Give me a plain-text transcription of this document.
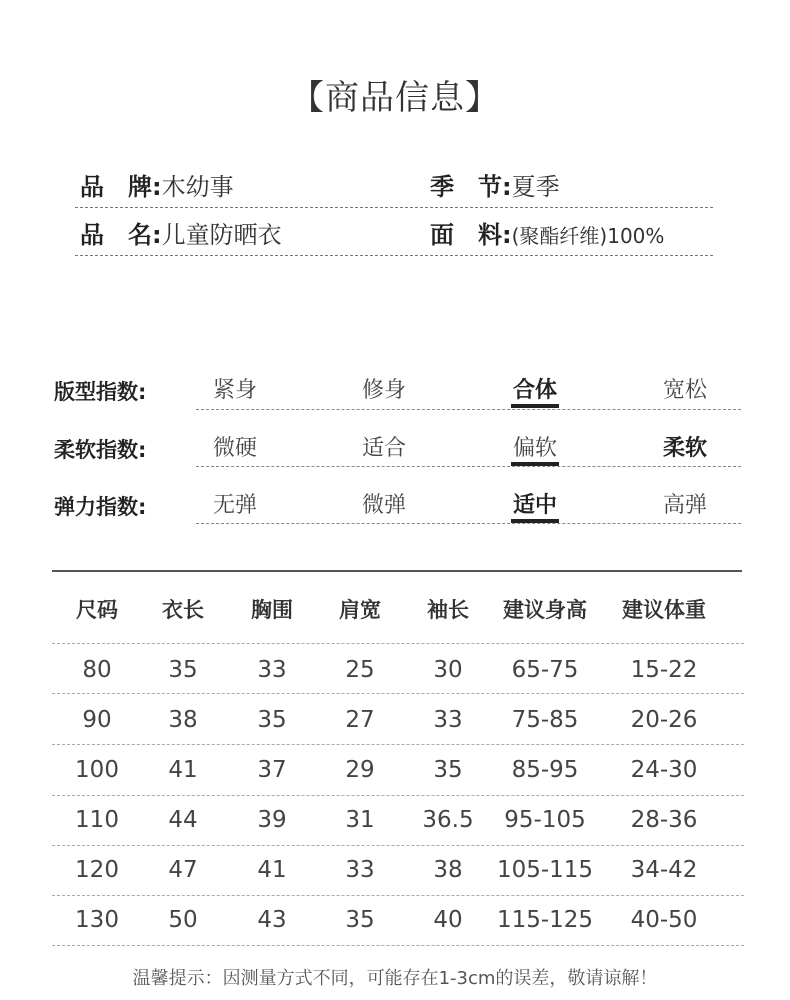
【商品信息】
品　牌:木幼事	季　节:夏季
品　名:儿童防晒衣	面　料:(聚酯纤维)100%
版型指数:	紧身	修身	合体	宽松
柔软指数:	微硬	适合	偏软	柔软
弹力指数:	无弹	微弹	适中	高弹
尺码 衣长 胸围 肩宽 袖长 建议身高 建议体重
80 35	33	25	30 65-75 15-22
90 38	35	27	33 75-85 20-26
100 41	37	29	35 85-95 24-30
110 44	39	31 36.5 95-105 28-36
120 47	41	33	38 105-115 34-42
130 50	43	35	40 115-125 40-50
温馨提示：因测量方式不同，可能存在1-3cm的误差，敬请谅解！
